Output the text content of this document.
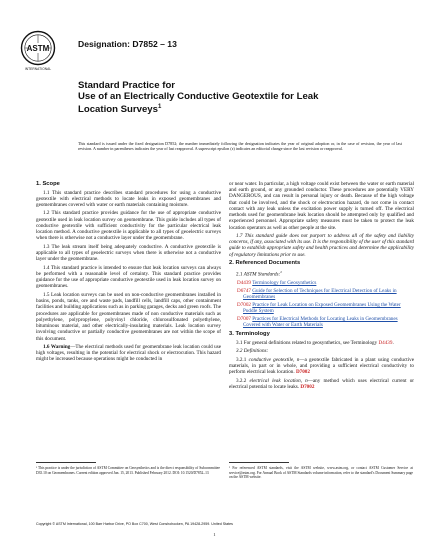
ASTM
INTERNATIONAL
Designation: D7852 – 13
Standard Practice for
Use of an Electrically Conductive Geotextile for Leak
Location Surveys$^1$
This standard is issued under the fixed designation D7852; the number immediately following the designation indicates the year of original adoption or, in the case of revision, the year of last revision. A number in parentheses indicates the year of last reapproval. A superscript epsilon (ε) indicates an editorial change since the last revision or reapproval.

1. Scope

1.1 This standard practice describes standard procedures for using a conductive geotextile with electrical methods to locate leaks in exposed geomembranes and geomembranes covered with water or earth materials containing moisture.

1.2 This standard practice provides guidance for the use of appropriate conductive geotextile used in leak location survey on geomembrane. This guide includes all types of conductive geotextile with sufficient conductivity for the particular electrical leak location method. A conductive geotextile is applicable to all types of geoelectric surveys when there is otherwise not a conductive layer under the geomembrane.

1.3 The leak stream itself being adequately conductive. A conductive geotextile is applicable to all types of geoelectric surveys when there is otherwise not a conductive layer under the geomembrane.

1.4 This standard practice is intended to ensure that leak location surveys can always be performed with a reasonable level of certainty. This standard practice provides guidance for the use of appropriate conductive geotextile used in leak location survey on geomembranes.

1.5 Leak location surveys can be used on non-conductive geomembranes installed in basins, ponds, tanks, ore and waste pads, landfill cells, landfill caps, other containment facilities and building applications such as in parking garages, decks and green roofs. The procedures are applicable for geomembranes made of non conductive materials such as polyethylene, polypropylene, polyvinyl chloride, chlorosulfonated polyethylene, bituminous material, and other electrically-insulating materials. Leak location survey involving conductive or partially conductive geomembranes are not within the scope of this document.

1.6 Warning—The electrical methods used for geomembrane leak location could use high voltages, resulting in the potential for electrical shock or electrocution. This hazard might be increased because operations might be conducted in

or near water. In particular, a high voltage could exist between the water or earth material and earth ground, or any grounded conductor. These procedures are potentially VERY DANGEROUS, and can result in personal injury or death. Because of the high voltage that could be involved, and the shock or electrocution hazard, do not come in contact contact with any leak unless the excitation power supply is turned off. The electrical methods used for geomembrane leak location should be attempted only by qualified and experienced personnel. Appropriate safety measures must be taken to protect the leak location operators as well as other people at the site.

1.7 This standard guide does not purport to address all of the safety and liability concerns, if any, associated with its use. It is the responsibility of the user of this standard guide to establish appropriate safety and health practices and determine the applicability of regulatory limitations prior to use.

2. Referenced Documents

2.1 ASTM Standards:$^2$

D4439 Terminology for Geosynthetics
D6747 Guide for Selection of Techniques for Electrical Detection of Leaks in Geomembranes
D7002 Practice for Leak Location on Exposed Geomembranes Using the Water Puddle System
D7007 Practices for Electrical Methods for Locating Leaks in Geomembranes Covered with Water or Earth Materials

3. Terminology

3.1 For general definitions related to geosynthetics, see Terminology D4439.

3.2 Definitions:

3.2.1 conductive geotextile, n—a geotextile fabricated in a plant using conductive materials, in part or in whole, and providing a sufficient electrical conductivity to perform electrical leak location. D7002

3.2.2 electrical leak location, n—any method which uses electrical current or electrical potential to locate leaks. D7002

¹ This practice is under the jurisdiction of ASTM Committee on Geosynthetics and is the direct responsibility of Subcommittee D35.10 on Geomembranes. Current edition approved Jun. 15, 2013. Published February 2012. DOI: 10.1520/D7852–13
² For referenced ASTM standards, visit the ASTM website, www.astm.org, or contact ASTM Customer Service at service@astm.org. For Annual Book of ASTM Standards volume information, refer to the standard's Document Summary page on the ASTM website.
Copyright © ASTM International, 100 Barr Harbor Drive, PO Box C700, West Conshohocken, PA 19428-2959. United States
1
